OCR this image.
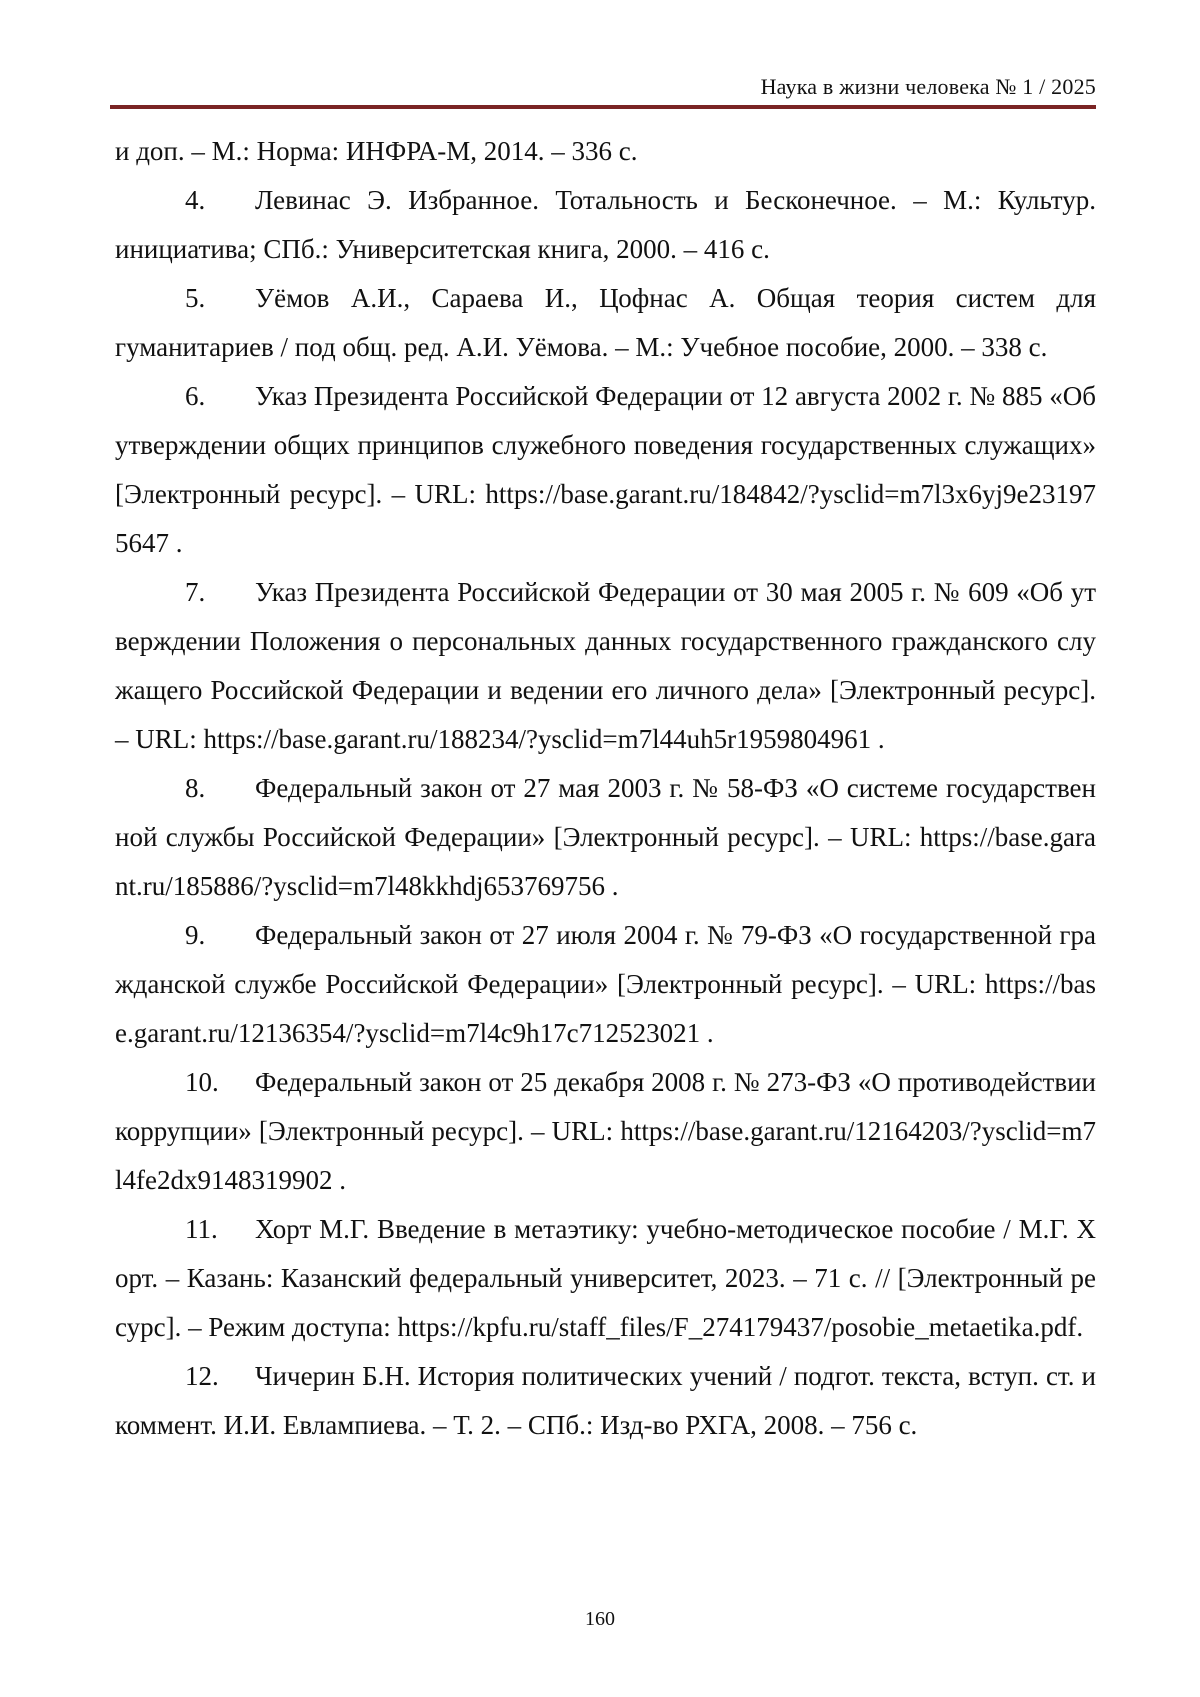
Наука в жизни человека № 1 / 2025

и доп. – М.: Норма: ИНФРА-М, 2014. – 336 с.

4. Левинас Э. Избранное. Тотальность и Бесконечное. – М.: Культур. инициатива; СПб.: Университетская книга, 2000. – 416 с.

5. Уёмов А.И., Сараева И., Цофнас А. Общая теория систем для гуманитариев / под общ. ред. А.И. Уёмова. – М.: Учебное пособие, 2000. – 338 с.

6. Указ Президента Российской Федерации от 12 августа 2002 г. № 885 «Об утверждении общих принципов служебного поведения государственных служащих» [Электронный ресурс]. – URL: https://base.garant.ru/184842/?ysclid=m7l3x6yj9e231975647 .

7. Указ Президента Российской Федерации от 30 мая 2005 г. № 609 «Об утверждении Положения о персональных данных государственного гражданского служащего Российской Федерации и ведении его личного дела» [Электронный ресурс]. – URL: https://base.garant.ru/188234/?ysclid=m7l44uh5r1959804961 .

8. Федеральный закон от 27 мая 2003 г. № 58-ФЗ «О системе государственной службы Российской Федерации» [Электронный ресурс]. – URL: https://base.garant.ru/185886/?ysclid=m7l48kkhdj653769756 .

9. Федеральный закон от 27 июля 2004 г. № 79-ФЗ «О государственной гражданской службе Российской Федерации» [Электронный ресурс]. – URL: https://base.garant.ru/12136354/?ysclid=m7l4c9h17c712523021 .

10. Федеральный закон от 25 декабря 2008 г. № 273-ФЗ «О противодействии коррупции» [Электронный ресурс]. – URL: https://base.garant.ru/12164203/?ysclid=m7l4fe2dx9148319902 .

11. Хорт М.Г. Введение в метаэтику: учебно-методическое пособие / М.Г. Хорт. – Казань: Казанский федеральный университет, 2023. – 71 с. // [Электронный ресурс]. – Режим доступа: https://kpfu.ru/staff_files/F_274179437/posobie_metaetika.pdf.

12. Чичерин Б.Н. История политических учений / подгот. текста, вступ. ст. и коммент. И.И. Евлампиева. – Т. 2. – СПб.: Изд-во РХГА, 2008. – 756 с.

160
